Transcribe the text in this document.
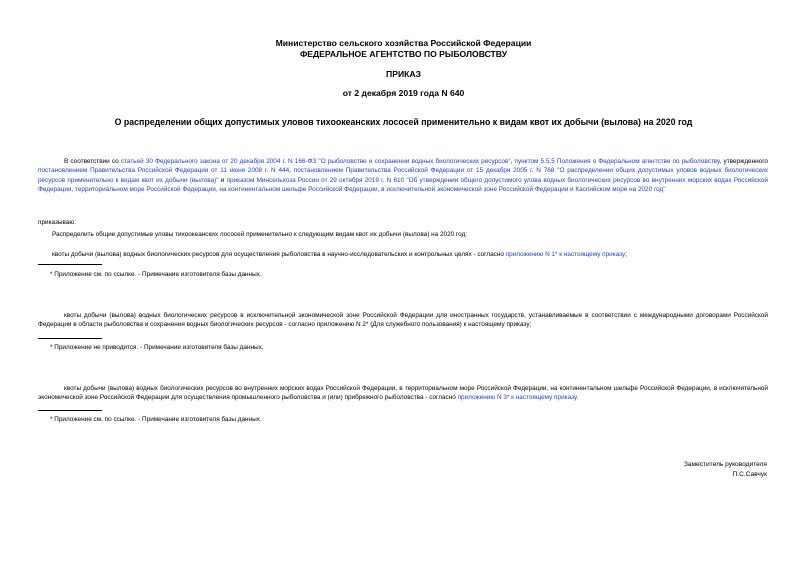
Министерство сельского хозяйства Российской Федерации
ФЕДЕРАЛЬНОЕ АГЕНТСТВО ПО РЫБОЛОВСТВУ
ПРИКАЗ
от 2 декабря 2019 года N 640
О распределении общих допустимых уловов тихоокеанских лососей применительно к видам квот их добычи (вылова) на 2020 год
В соответствии со статьей 30 Федерального закона от 20 декабря 2004 г. N 166-ФЗ "О рыболовстве и сохранении водных биологических ресурсов", пунктом 5.5.5 Положения о Федеральном агентстве по рыболовству, утвержденного постановлением Правительства Российской Федерации от 11 июня 2008 г. N 444, постановлением Правительства Российской Федерации от 15 декабря 2005 г. N 768 "О распределении общих допустимых уловов водных биологических ресурсов применительно к видам квот их добычи (вылова)" и приказом Минсельхоза России от 29 октября 2019 г. N 610 "Об утверждении общего допустимого улова водных биологических ресурсов во внутренних морских водах Российской Федерации, территориальном море Российской Федерации, на континентальном шельфе Российской Федерации, в исключительной экономической зоне Российской Федерации и Каспийском море на 2020 год"
приказываю:
Распределить общие допустимые уловы тихоокеанских лососей применительно к следующим видам квот их добычи (вылова) на 2020 год:
квоты добычи (вылова) водных биологических ресурсов для осуществления рыболовства в научно-исследовательских и контрольных целях - согласно приложению N 1* к настоящему приказу;
* Приложение см. по ссылке. - Примечание изготовителя базы данных.
квоты добычи (вылова) водных биологических ресурсов в исключительной экономической зоне Российской Федерации для иностранных государств, устанавливаемые в соответствии с международными договорами Российской Федерации в области рыболовства и сохранения водных биологических ресурсов - согласно приложению N 2* (Для служебного пользования) к настоящему приказу;
* Приложение не приводится. - Примечание изготовителя базы данных.
квоты добычи (вылова) водных биологических ресурсов во внутренних морских водах Российской Федерации, в территориальном море Российской Федерации, на континентальном шельфе Российской Федерации, в исключительной экономической зоне Российской Федерации для осуществления промышленного рыболовства и (или) прибрежного рыболовства - согласно приложению N 3* к настоящему приказу.
* Приложение см. по ссылке. - Примечание изготовителя базы данных.
Заместитель руководителя
П.С.Савчук
